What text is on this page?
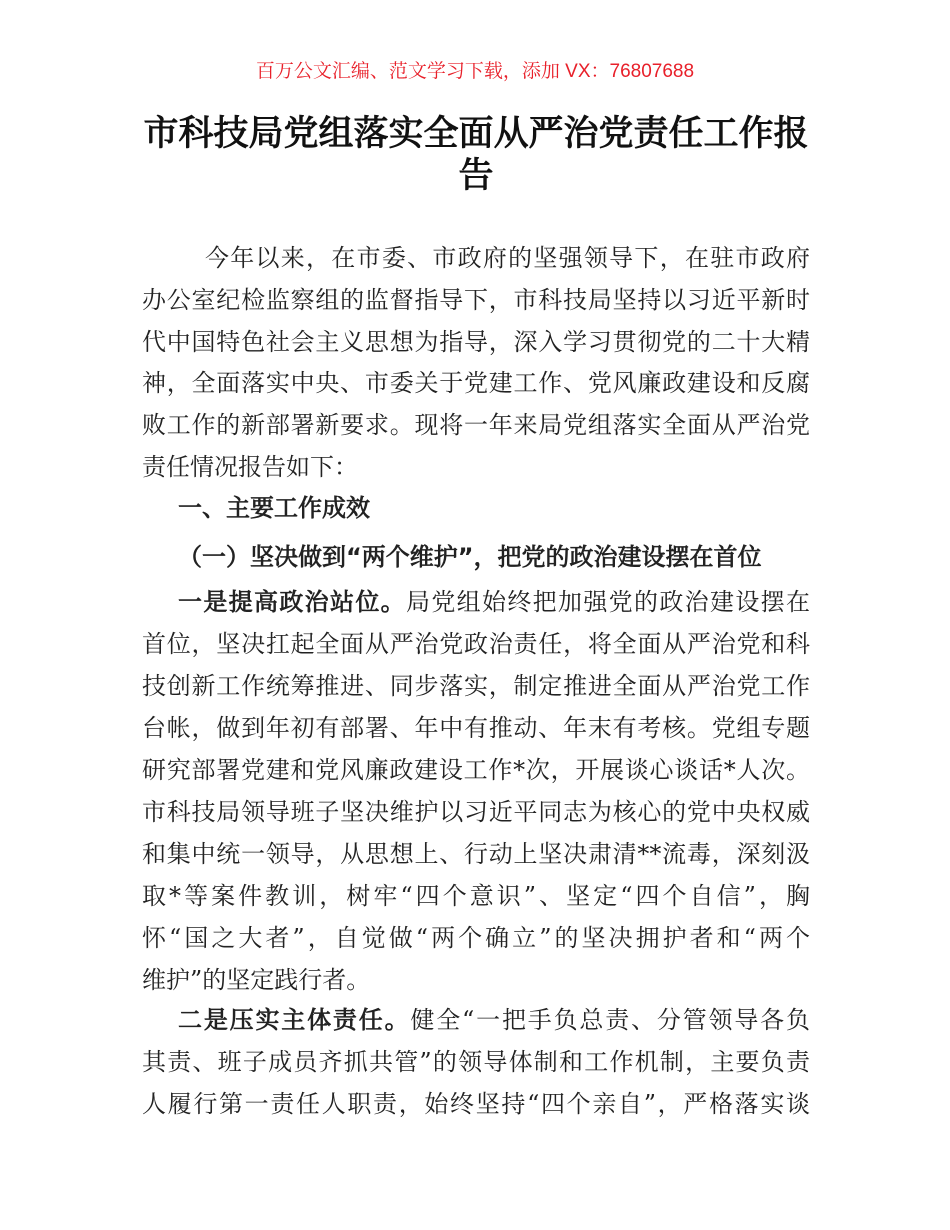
百万公文汇编、范文学习下载，添加 VX：76807688
市科技局党组落实全面从严治党责任工作报
告
今年以来，在市委、市政府的坚强领导下，在驻市政府
办公室纪检监察组的监督指导下，市科技局坚持以习近平新时
代中国特色社会主义思想为指导，深入学习贯彻党的二十大精
神，全面落实中央、市委关于党建工作、党风廉政建设和反腐
败工作的新部署新要求。现将一年来局党组落实全面从严治党
责任情况报告如下：
一、主要工作成效
（一）坚决做到“两个维护”，把党的政治建设摆在首位
一是提高政治站位。局党组始终把加强党的政治建设摆在
首位，坚决扛起全面从严治党政治责任，将全面从严治党和科
技创新工作统筹推进、同步落实，制定推进全面从严治党工作
台帐，做到年初有部署、年中有推动、年末有考核。党组专题
研究部署党建和党风廉政建设工作*次，开展谈心谈话*人次。
市科技局领导班子坚决维护以习近平同志为核心的党中央权威
和集中统一领导，从思想上、行动上坚决肃清**流毒，深刻汲
取*等案件教训，树牢“四个意识”、坚定“四个自信”，胸
怀“国之大者”，自觉做“两个确立”的坚决拥护者和“两个
维护”的坚定践行者。
二是压实主体责任。健全“一把手负总责、分管领导各负
其责、班子成员齐抓共管”的领导体制和工作机制，主要负责
人履行第一责任人职责，始终坚持“四个亲自”，严格落实谈
